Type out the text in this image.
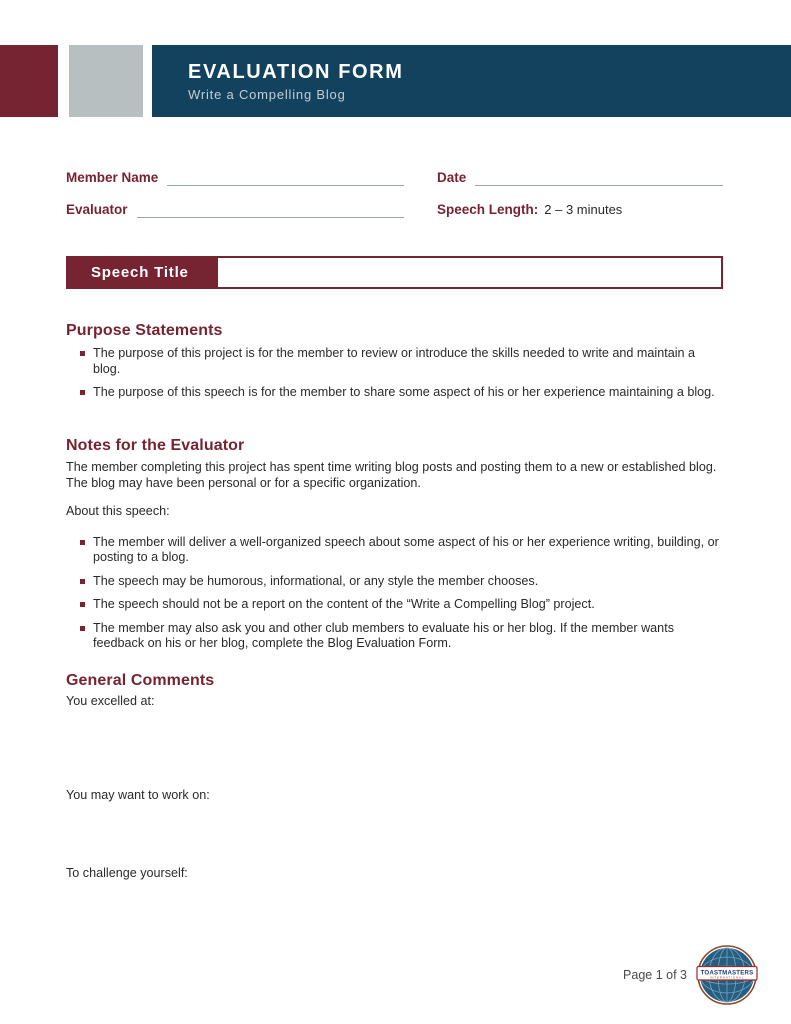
EVALUATION FORM
Write a Compelling Blog
Member Name	Date
Evaluator	Speech Length: 2 – 3 minutes
Speech Title
Purpose Statements
The purpose of this project is for the member to review or introduce the skills needed to write and maintain a blog.
The purpose of this speech is for the member to share some aspect of his or her experience maintaining a blog.
Notes for the Evaluator

The member completing this project has spent time writing blog posts and posting them to a new or established blog. The blog may have been personal or for a specific organization.

About this speech:

The member will deliver a well-organized speech about some aspect of his or her experience writing, building, or posting to a blog.
The speech may be humorous, informational, or any style the member chooses.
The speech should not be a report on the content of the “Write a Compelling Blog” project.
The member may also ask you and other club members to evaluate his or her blog. If the member wants feedback on his or her blog, complete the Blog Evaluation Form.
General Comments

You excelled at:

You may want to work on:

To challenge yourself:

Page 1 of 3 TOASTMASTERS
INTERNATIONAL
